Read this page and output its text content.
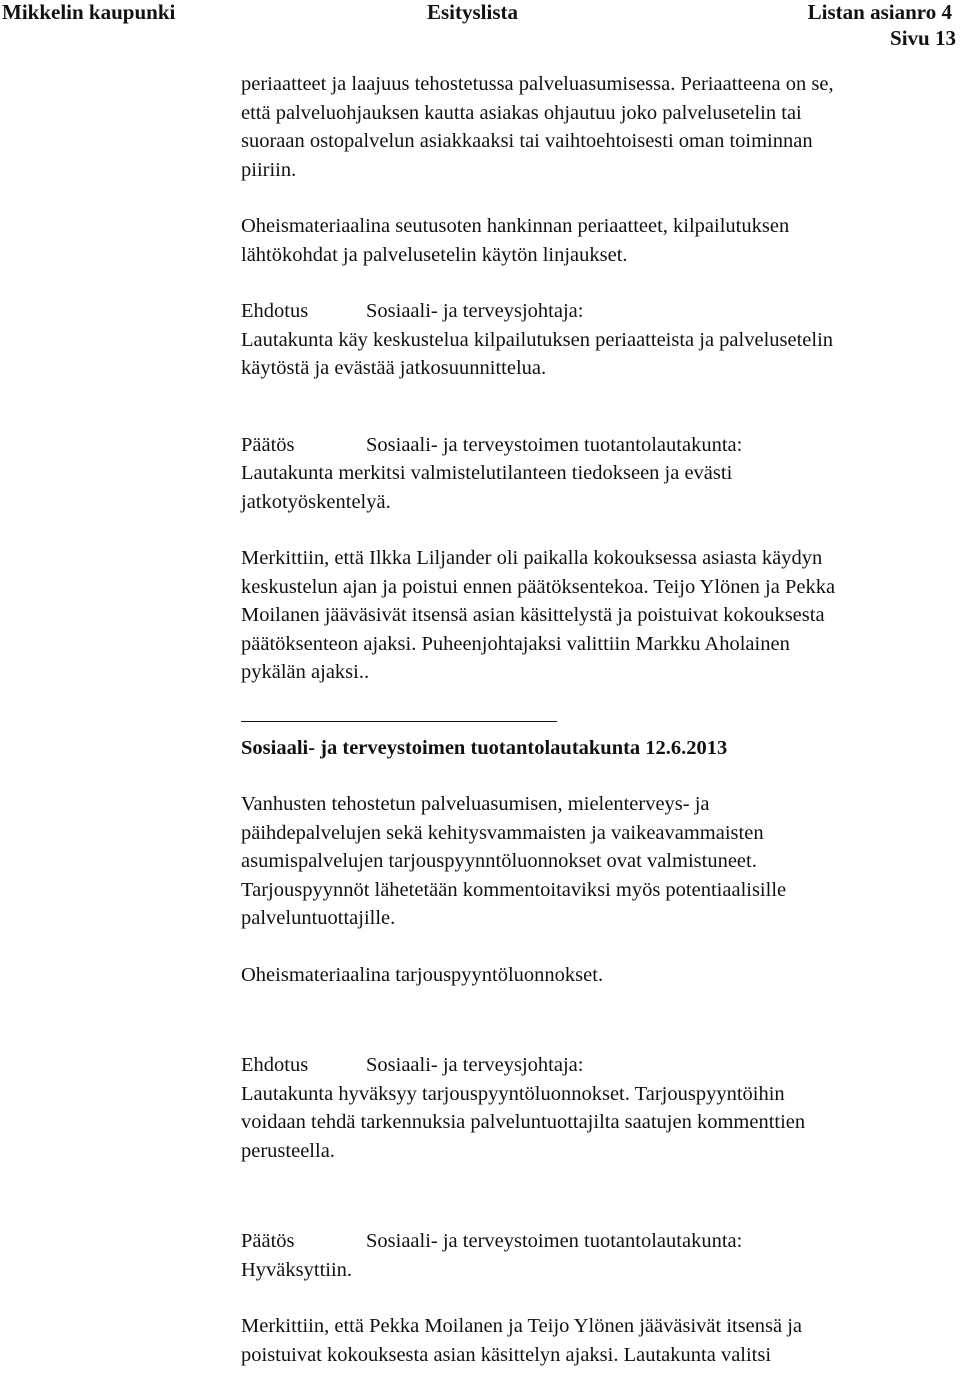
Mikkelin kaupunki	Esityslista	Listan asianro 4
Sivu 13

periaatteet ja laajuus tehostetussa palveluasumisessa. Periaatteena on se,
että palveluohjauksen kautta asiakas ohjautuu joko palvelusetelin tai
suoraan ostopalvelun asiakkaaksi tai vaihtoehtoisesti oman toiminnan
piiriin.

Oheismateriaalina seutusoten hankinnan periaatteet, kilpailutuksen
lähtökohdat ja palvelusetelin käytön linjaukset.

Ehdotus	Sosiaali- ja terveysjohtaja:

Lautakunta käy keskustelua kilpailutuksen periaatteista ja palvelusetelin
käytöstä ja evästää jatkosuunnittelua.

Päätös	Sosiaali- ja terveystoimen tuotantolautakunta:

Lautakunta merkitsi valmistelutilanteen tiedokseen ja evästi
jatkotyöskentelyä.

Merkittiin, että Ilkka Liljander oli paikalla kokouksessa asiasta käydyn
keskustelun ajan ja poistui ennen päätöksentekoa. Teijo Ylönen ja Pekka
Moilanen jääväsivät itsensä asian käsittelystä ja poistuivat kokouksesta
päätöksenteon ajaksi. Puheenjohtajaksi valittiin Markku Aholainen
pykälän ajaksi..

Sosiaali- ja terveystoimen tuotantolautakunta 12.6.2013

Vanhusten tehostetun palveluasumisen, mielenterveys- ja
päihdepalvelujen sekä kehitysvammaisten ja vaikeavammaisten
asumispalvelujen tarjouspyynntöluonnokset ovat valmistuneet.
Tarjouspyynnöt lähetetään kommentoitaviksi myös potentiaalisille
palveluntuottajille.

Oheismateriaalina tarjouspyyntöluonnokset.

Ehdotus	Sosiaali- ja terveysjohtaja:

Lautakunta hyväksyy tarjouspyyntöluonnokset. Tarjouspyyntöihin
voidaan tehdä tarkennuksia palveluntuottajilta saatujen kommenttien
perusteella.

Päätös	Sosiaali- ja terveystoimen tuotantolautakunta:

Hyväksyttiin.

Merkittiin, että Pekka Moilanen ja Teijo Ylönen jääväsivät itsensä ja
poistuivat kokouksesta asian käsittelyn ajaksi. Lautakunta valitsi
